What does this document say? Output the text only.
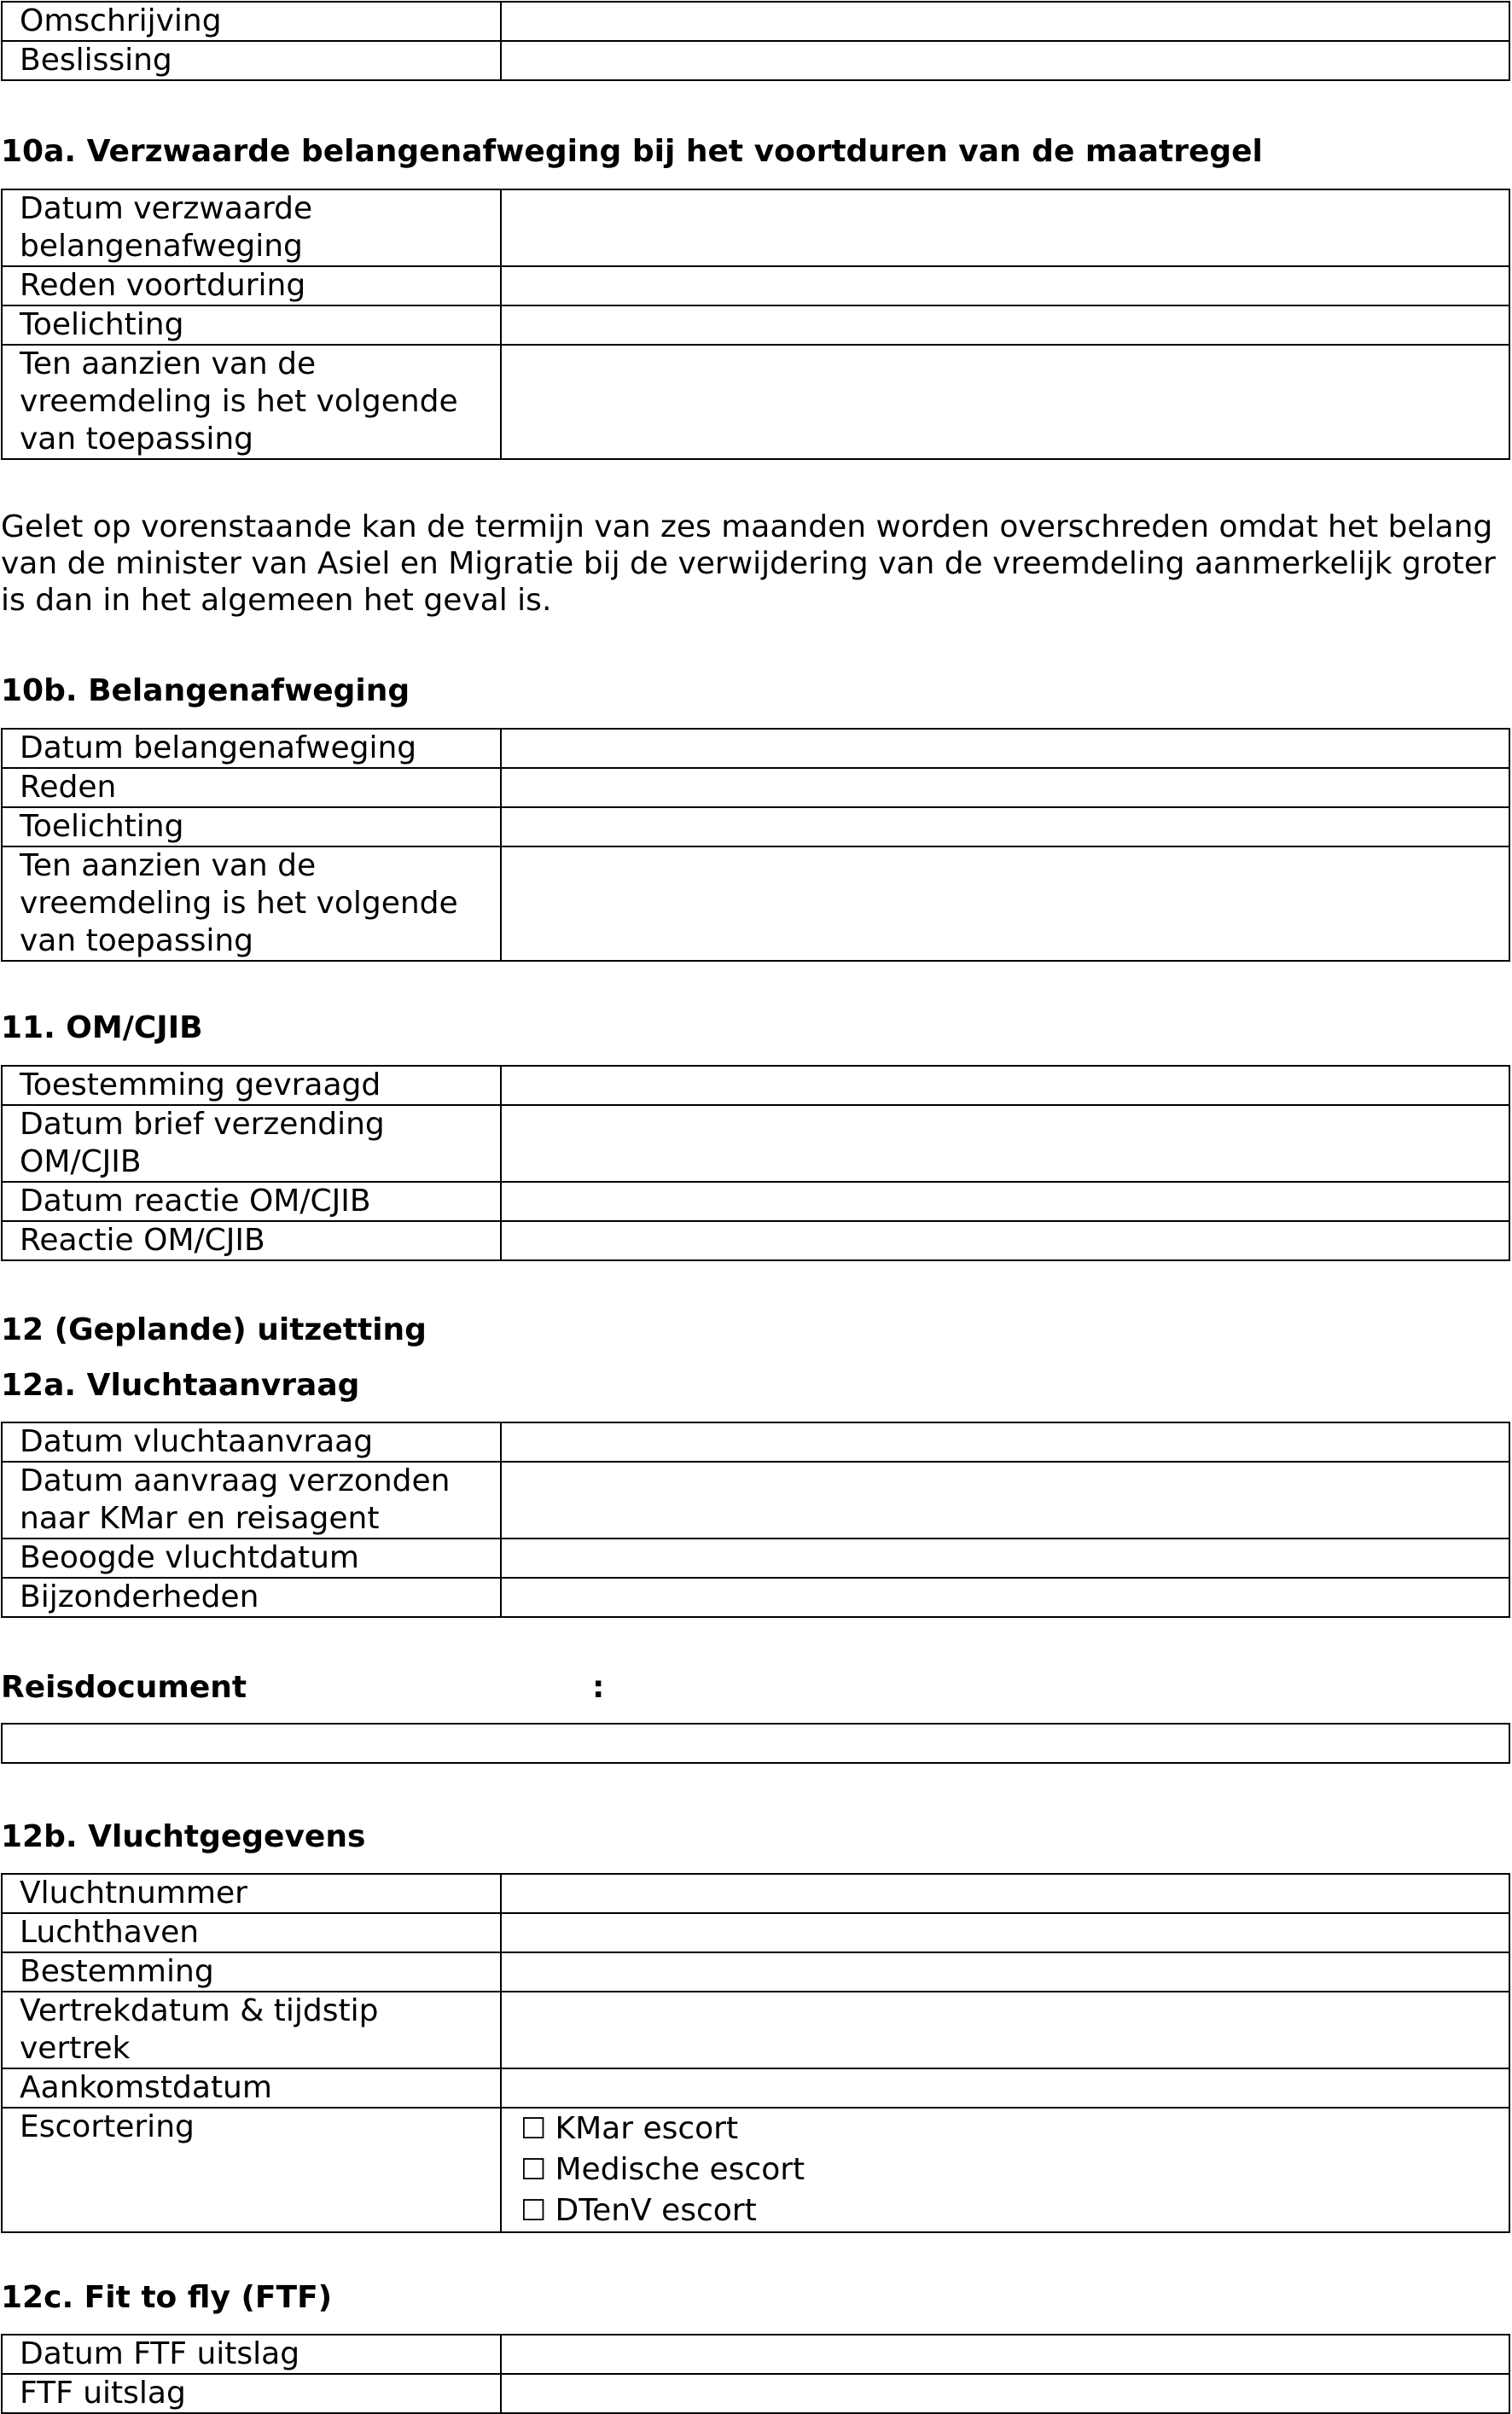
Omschrijving	
Beslissing	
10a. Verzwaarde belangenafweging bij het voortduren van de maatregel
Datum verzwaarde belangenafweging	
Reden voortduring	
Toelichting	
Ten aanzien van de vreemdeling is het volgende van toepassing	

Gelet op vorenstaande kan de termijn van zes maanden worden overschreden omdat het belang van de minister van Asiel en Migratie bij de verwijdering van de vreemdeling aanmerkelijk groter is dan in het algemeen het geval is.

10b. Belangenafweging
Datum belangenafweging	
Reden	
Toelichting	
Ten aanzien van de vreemdeling is het volgende van toepassing	
11. OM/CJIB
Toestemming gevraagd	
Datum brief verzending OM/CJIB	
Datum reactie OM/CJIB	
Reactie OM/CJIB	
12 (Geplande) uitzetting
12a. Vluchtaanvraag
Datum vluchtaanvraag	
Datum aanvraag verzonden naar KMar en reisagent	
Beoogde vluchtdatum	
Bijzonderheden	
Reisdocument	:
12b. Vluchtgegevens
Vluchtnummer	
Luchthaven	
Bestemming	
Vertrekdatum & tijdstip vertrek	
Aankomstdatum	
Escortering	☐ KMar escort
☐ Medische escort
☐ DTenV escort
12c. Fit to fly (FTF)
Datum FTF uitslag	
FTF uitslag	
